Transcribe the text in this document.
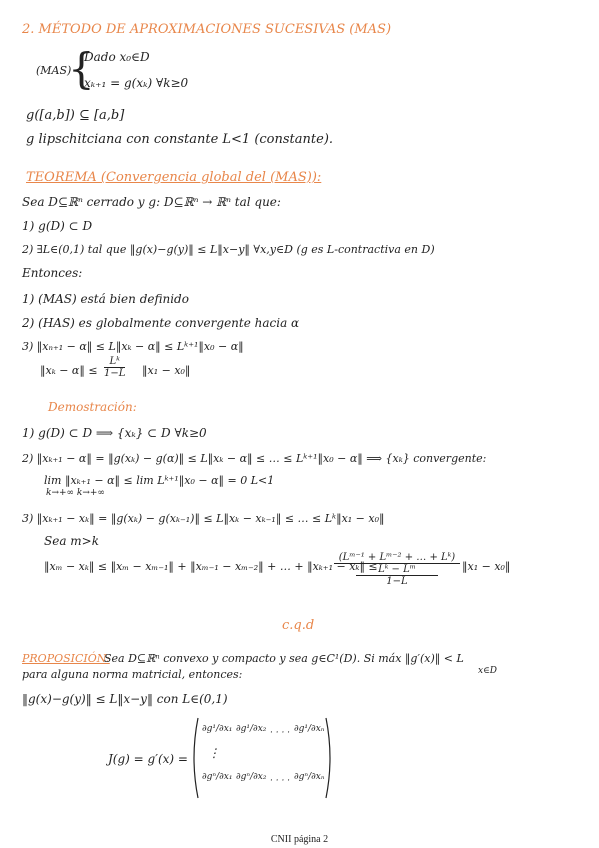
2. MÉTODO DE APROXIMACIONES SUCESIVAS (MAS)
(MAS)
{
Dado x₀∈D
xₖ₊₁ = g(xₖ) ∀k≥0
g([a,b]) ⊆ [a,b]
g lipschitciana con constante L<1 (constante).
TEOREMA (Convergencia global del (MAS)):
Sea D⊆ℝⁿ cerrado y g: D⊆ℝⁿ → ℝⁿ tal que:
1) g(D) ⊂ D
2) ∃L∈(0,1) tal que ‖g(x)−g(y)‖ ≤ L‖x−y‖ ∀x,y∈D (g es L-contractiva en D)
Entonces:
1) (MAS) está bien definido
2) (HAS) es globalmente convergente hacia α
3) ‖xₙ₊₁ − α‖ ≤ L‖xₖ − α‖ ≤ Lᵏ⁺¹‖x₀ − α‖
‖xₖ − α‖ ≤ $\frac{\text{Lᵏ}}{1-L}$ ‖x₁ − x₀‖
Demostración:
1) g(D) ⊂ D ⟹ {xₖ} ⊂ D ∀k≥0
2) ‖xₖ₊₁ − α‖ = ‖g(xₖ) − g(α)‖ ≤ L‖xₖ − α‖ ≤ … ≤ Lᵏ⁺¹‖x₀ − α‖ ⟹ {xₖ} convergente:
lim ‖xₖ₊₁ − α‖ ≤ lim Lᵏ⁺¹‖x₀ − α‖ = 0 L<1
k→+∞ k→+∞
3) ‖xₖ₊₁ − xₖ‖ = ‖g(xₖ) − g(xₖ₋₁)‖ ≤ L‖xₖ − xₖ₋₁‖ ≤ … ≤ Lᵏ‖x₁ − x₀‖
Sea m>k
‖xₘ − xₖ‖ ≤ ‖xₘ − xₘ₋₁‖ + ‖xₘ₋₁ − xₘ₋₂‖ + … + ‖xₖ₊₁ − xₖ‖ ≤
(Lᵐ⁻¹ + Lᵐ⁻² + … + Lᵏ)
Lᵏ − Lᵐ
1−L
‖x₁ − x₀‖
c.q.d
PROPOSICIÓN:
Sea D⊆ℝⁿ convexo y compacto y sea g∈C¹(D). Si máx ‖g′(x)‖ < L
x∈D
para alguna norma matricial, entonces:
‖g(x)−g(y)‖ ≤ L‖x−y‖ con L∈(0,1)
J(g) = g′(x) =
∂g¹/∂x₁ ∂g¹/∂x₂ · · · · ∂g¹/∂xₙ
⋮
∂gⁿ/∂x₁ ∂gⁿ/∂x₂ · · · · ∂gⁿ/∂xₙ
CNII página 2
